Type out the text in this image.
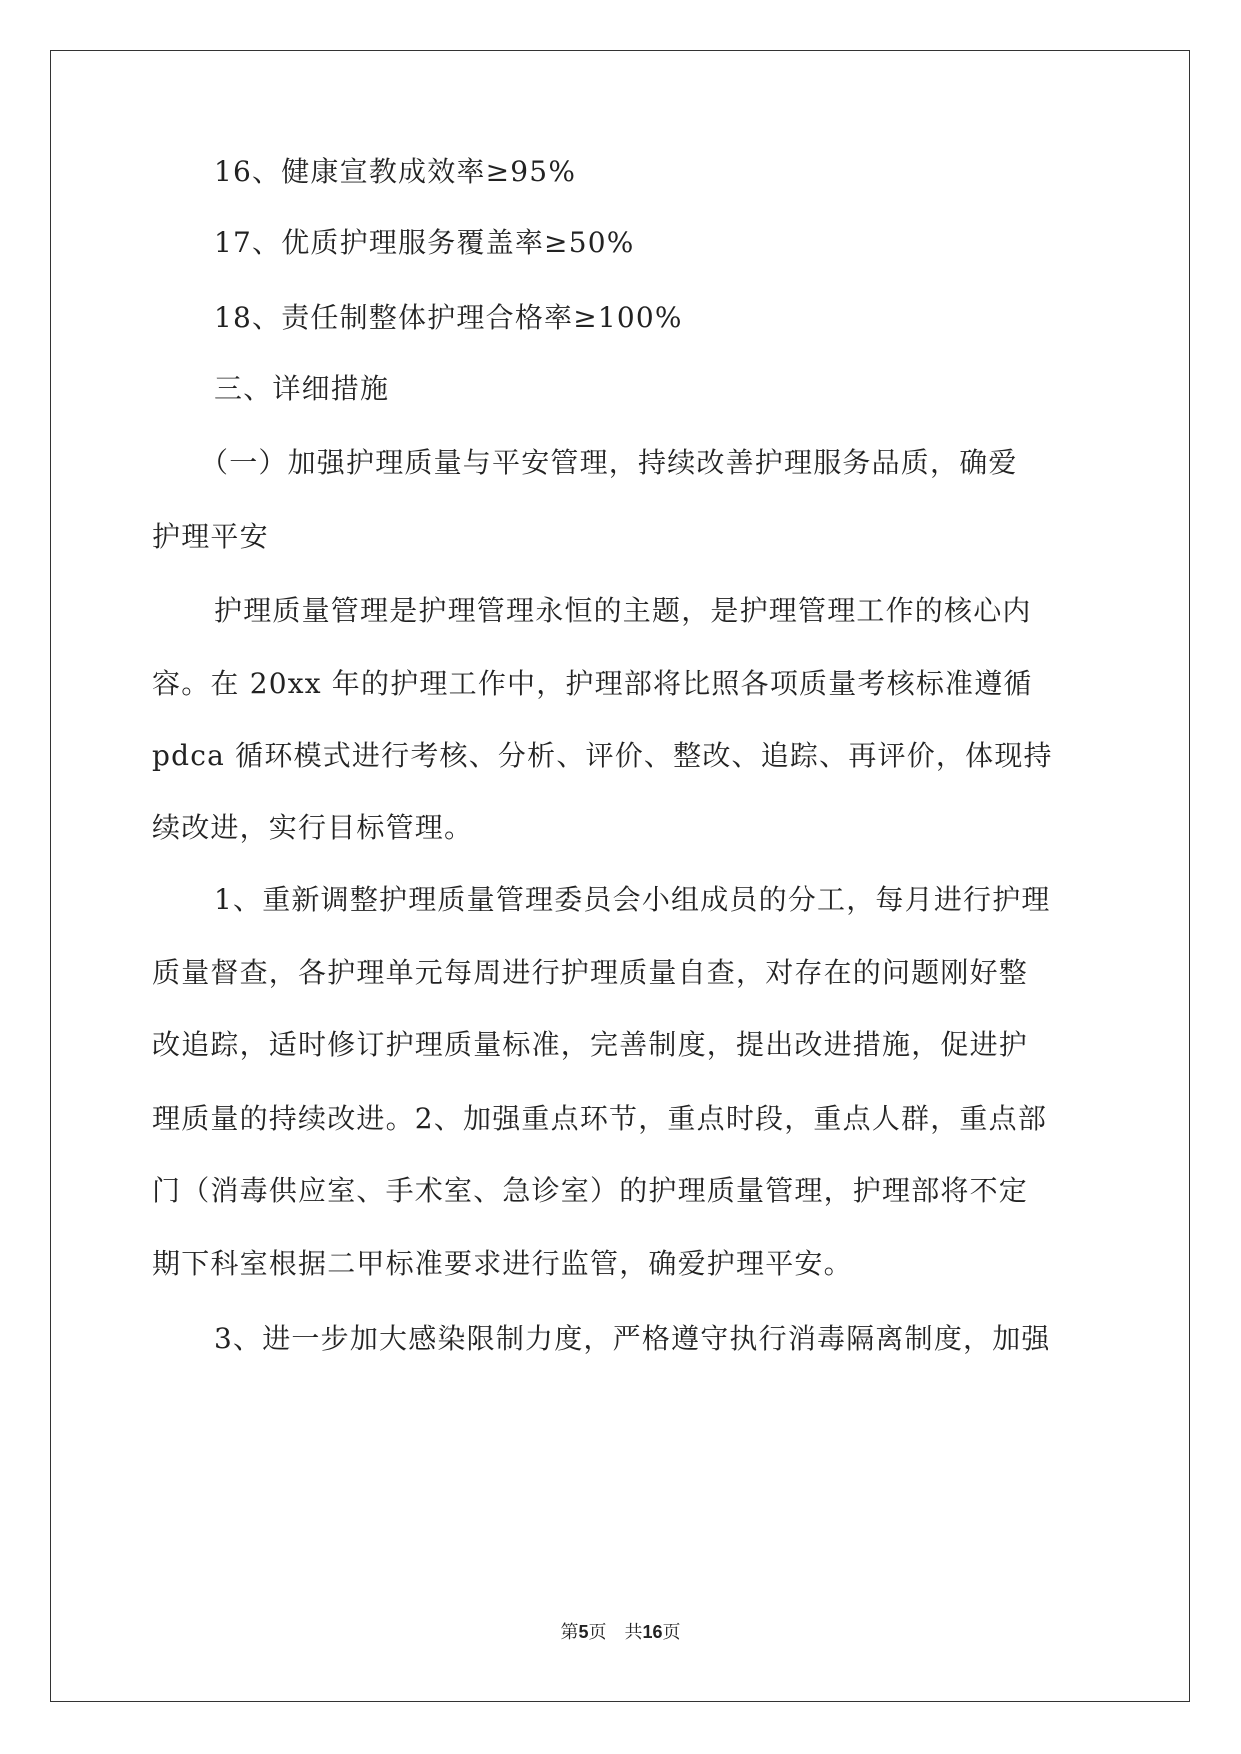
16、健康宣教成效率≥95%
17、优质护理服务覆盖率≥50%
18、责任制整体护理合格率≥100%
三、详细措施
（一）加强护理质量与平安管理，持续改善护理服务品质，确爱
护理平安
护理质量管理是护理管理永恒的主题，是护理管理工作的核心内
容。在 20xx 年的护理工作中，护理部将比照各项质量考核标准遵循
pdca 循环模式进行考核、分析、评价、整改、追踪、再评价，体现持
续改进，实行目标管理。
1、重新调整护理质量管理委员会小组成员的分工，每月进行护理
质量督查，各护理单元每周进行护理质量自查，对存在的问题刚好整
改追踪，适时修订护理质量标准，完善制度，提出改进措施，促进护
理质量的持续改进。2、加强重点环节，重点时段，重点人群，重点部
门（消毒供应室、手术室、急诊室）的护理质量管理，护理部将不定
期下科室根据二甲标准要求进行监管，确爱护理平安。
3、进一步加大感染限制力度，严格遵守执行消毒隔离制度，加强
第5页　共16页
